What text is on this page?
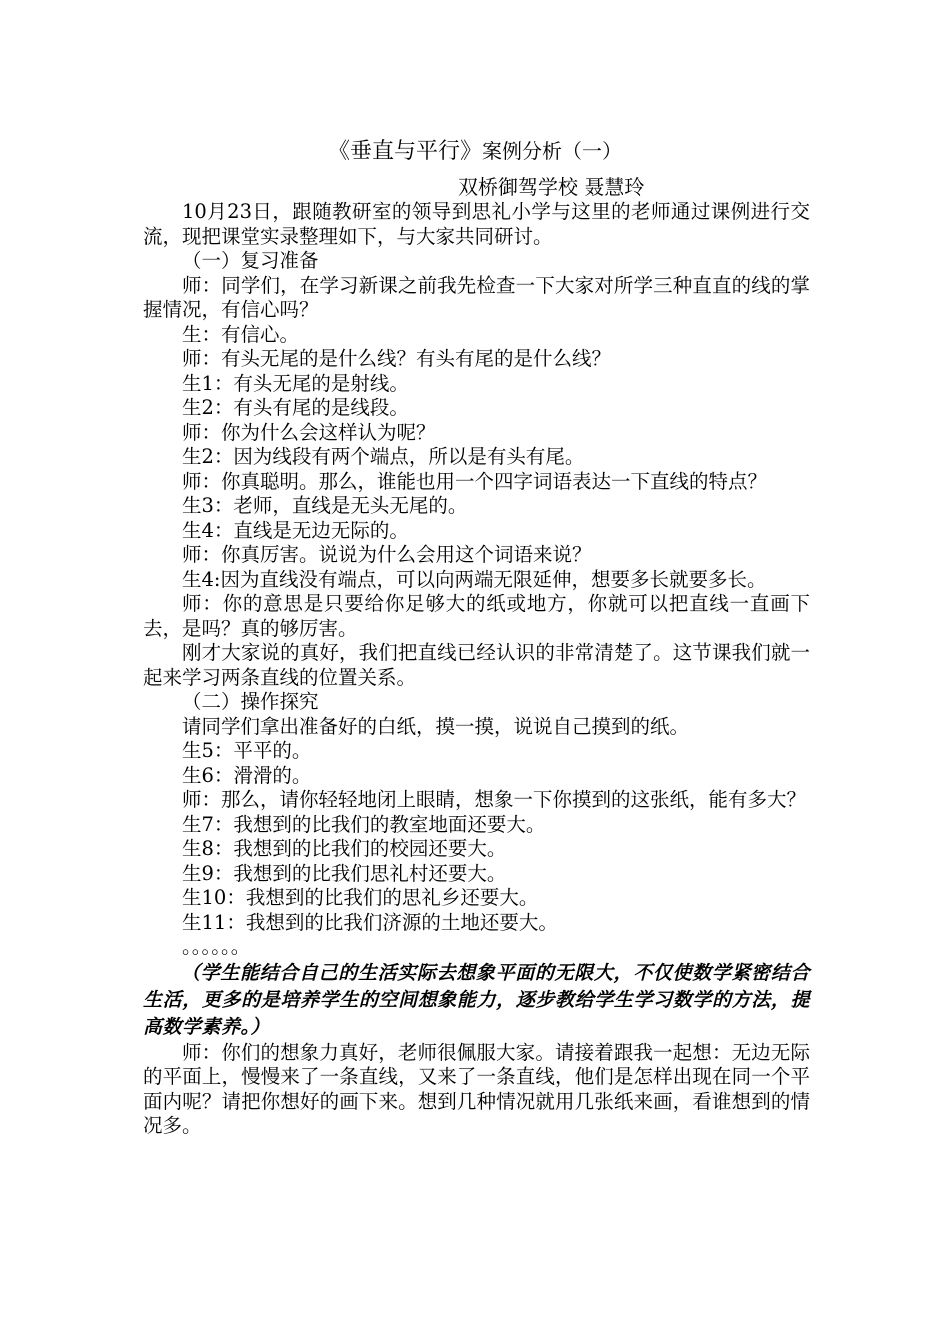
《垂直与平行》案例分析（一）
双桥御驾学校 聂慧玲

10月23日，跟随教研室的领导到思礼小学与这里的老师通过课例进行交流，现把课堂实录整理如下，与大家共同研讨。

（一）复习准备

师：同学们，在学习新课之前我先检查一下大家对所学三种直直的线的掌握情况，有信心吗？

生：有信心。

师：有头无尾的是什么线？有头有尾的是什么线？

生1：有头无尾的是射线。

生2：有头有尾的是线段。

师：你为什么会这样认为呢？

生2：因为线段有两个端点，所以是有头有尾。

师：你真聪明。那么，谁能也用一个四字词语表达一下直线的特点？

生3：老师，直线是无头无尾的。

生4：直线是无边无际的。

师：你真厉害。说说为什么会用这个词语来说？

生4:因为直线没有端点，可以向两端无限延伸，想要多长就要多长。

师：你的意思是只要给你足够大的纸或地方，你就可以把直线一直画下去，是吗？真的够厉害。

刚才大家说的真好，我们把直线已经认识的非常清楚了。这节课我们就一起来学习两条直线的位置关系。

（二）操作探究

请同学们拿出准备好的白纸，摸一摸，说说自己摸到的纸。

生5：平平的。

生6：滑滑的。

师：那么，请你轻轻地闭上眼睛，想象一下你摸到的这张纸，能有多大？

生7：我想到的比我们的教室地面还要大。

生8：我想到的比我们的校园还要大。

生9：我想到的比我们思礼村还要大。

生10：我想到的比我们的思礼乡还要大。

生11：我想到的比我们济源的土地还要大。

。。。。。。

（学生能结合自己的生活实际去想象平面的无限大，不仅使数学紧密结合生活，更多的是培养学生的空间想象能力，逐步教给学生学习数学的方法，提高数学素养。）

师：你们的想象力真好，老师很佩服大家。请接着跟我一起想：无边无际的平面上，慢慢来了一条直线，又来了一条直线，他们是怎样出现在同一个平面内呢？请把你想好的画下来。想到几种情况就用几张纸来画，看谁想到的情况多。
